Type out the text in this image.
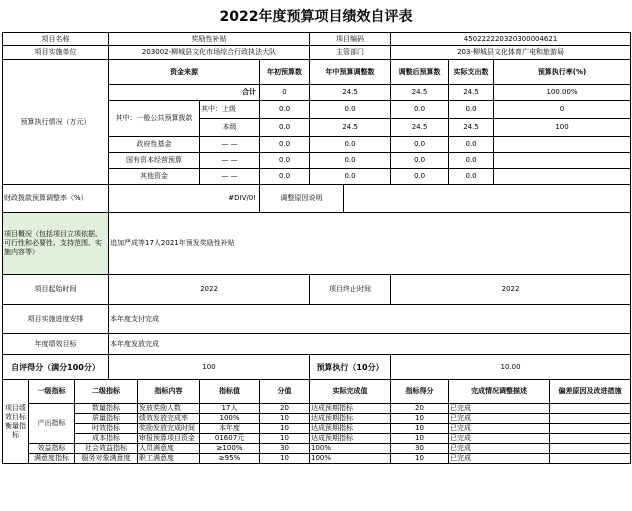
2022年度预算项目绩效自评表
项目名称			奖励性补贴				项目编码		450222220320300004621			
项目实施单位			203002-柳城县文化市场综合行政执法大队				主管部门		203-柳城县文化体育广电和旅游局			
预算执行情况（万元）			资金来源			年初预算数	年中预算调整数		调整后预算数	实际支出数	预算执行率(%)	
			合计			0	24.5		24.5	24.5	100.00%	
			其中：一般公共预算拨款		其中：上级	0.0	0.0		0.0	0.0	0	
					本级	0.0	24.5		24.5	24.5	100	
			政府性基金		— —	0.0	0.0		0.0	0.0		
			国有资本经营预算		— —	0.0	0.0		0.0	0.0		
			其他资金		— —	0.0	0.0		0.0	0.0		
财政拨款预算调整率（%）			#DIV/0!			调整原因说明						
项目概况（包括项目立项依据、可行性和必要性、支持范围、实施内容等）			追加严成等17人2021年预发奖励性补贴									
项目起始时间			2022				项目终止时间		2022			
项目实施进度安排			本年度支付完成									
年度绩效目标			本年度发放完成									
自评得分（满分100分）			100				预算执行（10分）		10.00			
项目绩效目标衡量指标	一级指标	二级指标		指标内容	指标值	分值	实际完成值		指标得分	完成情况调整描述		偏差原因及改进措施
	产出指标	数量指标		发放奖励人数	17人	20	达成预期指标		20	已完成		
		质量指标		绩效发放完成率	100%	10	达成预期指标		10	已完成		
		时效指标		奖励发放完成时间	本年度	10	达成预期指标		10	已完成		
		成本指标		审报预算项目资金	01607元	10	达成预期指标		10	已完成		
	效益指标	社会效益指标		人员满意度	≥100%	30	100%		30	已完成		
	满意度指标	服务对象满意度		职工满意度	≥95%	10	100%		10	已完成		
